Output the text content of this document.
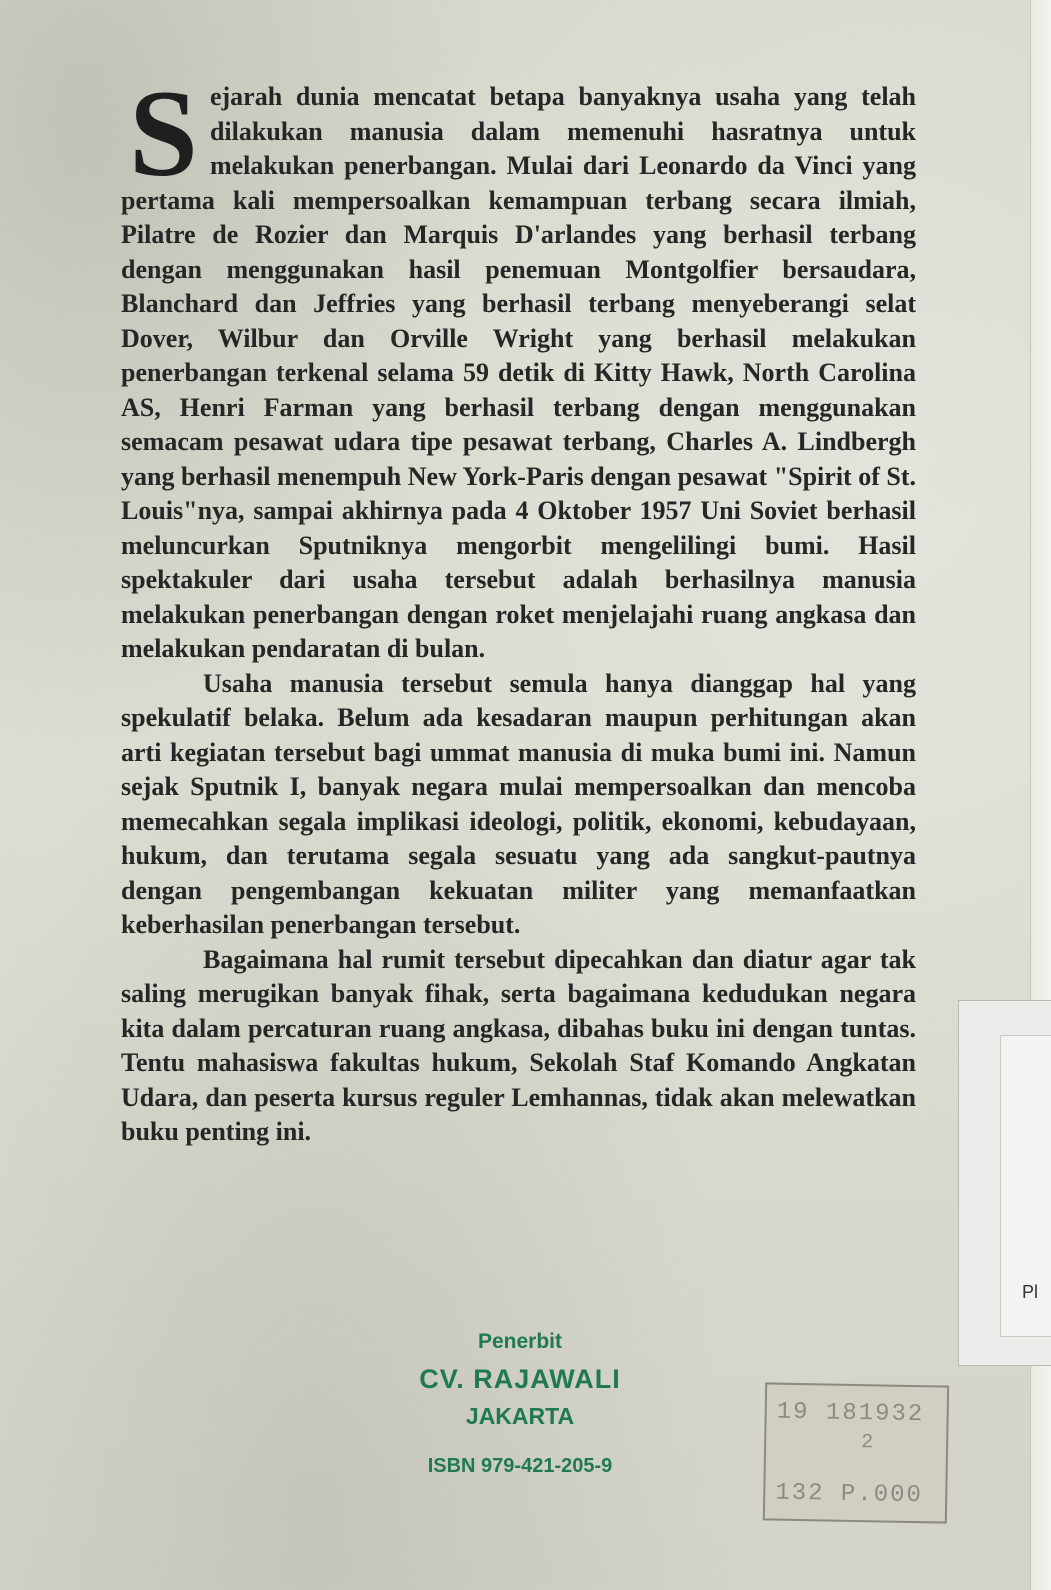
Pl

Sejarah dunia mencatat betapa banyaknya usaha yang telah dilakukan manusia dalam memenuhi hasratnya untuk melakukan penerbangan. Mulai dari Leonardo da Vinci yang pertama kali mempersoalkan kemampuan terbang secara ilmiah, Pilatre de Rozier dan Marquis D'arlandes yang berhasil terbang dengan menggunakan hasil penemuan Montgolfier bersaudara, Blanchard dan Jeffries yang berhasil terbang menyeberangi selat Dover, Wilbur dan Orville Wright yang berhasil melakukan penerbangan terkenal selama 59 detik di Kitty Hawk, North Carolina AS, Henri Farman yang berhasil terbang dengan menggunakan semacam pesawat udara tipe pesawat terbang, Charles A. Lindbergh yang berhasil menempuh New York-Paris dengan pesawat "Spirit of St. Louis"nya, sampai akhirnya pada 4 Oktober 1957 Uni Soviet berhasil meluncurkan Sputniknya mengorbit mengelilingi bumi. Hasil spektakuler dari usaha tersebut adalah berhasilnya manusia melakukan penerbangan dengan roket menjelajahi ruang angkasa dan melakukan pendaratan di bulan.

Usaha manusia tersebut semula hanya dianggap hal yang spekulatif belaka. Belum ada kesadaran maupun perhitungan akan arti kegiatan tersebut bagi ummat manusia di muka bumi ini. Namun sejak Sputnik I, banyak negara mulai mempersoalkan dan mencoba memecahkan segala implikasi ideologi, politik, ekonomi, kebudayaan, hukum, dan terutama segala sesuatu yang ada sangkut-pautnya dengan pengembangan kekuatan militer yang memanfaatkan keberhasilan penerbangan tersebut.

Bagaimana hal rumit tersebut dipecahkan dan diatur agar tak saling merugikan banyak fihak, serta bagaimana kedudukan negara kita dalam percaturan ruang angkasa, dibahas buku ini dengan tuntas. Tentu mahasiswa fakultas hukum, Sekolah Staf Komando Angkatan Udara, dan peserta kursus reguler Lemhannas, tidak akan melewatkan buku penting ini.

Penerbit
CV. RAJAWALI
JAKARTA
ISBN 979-421-205-9
19 181932
2
132 P.000
